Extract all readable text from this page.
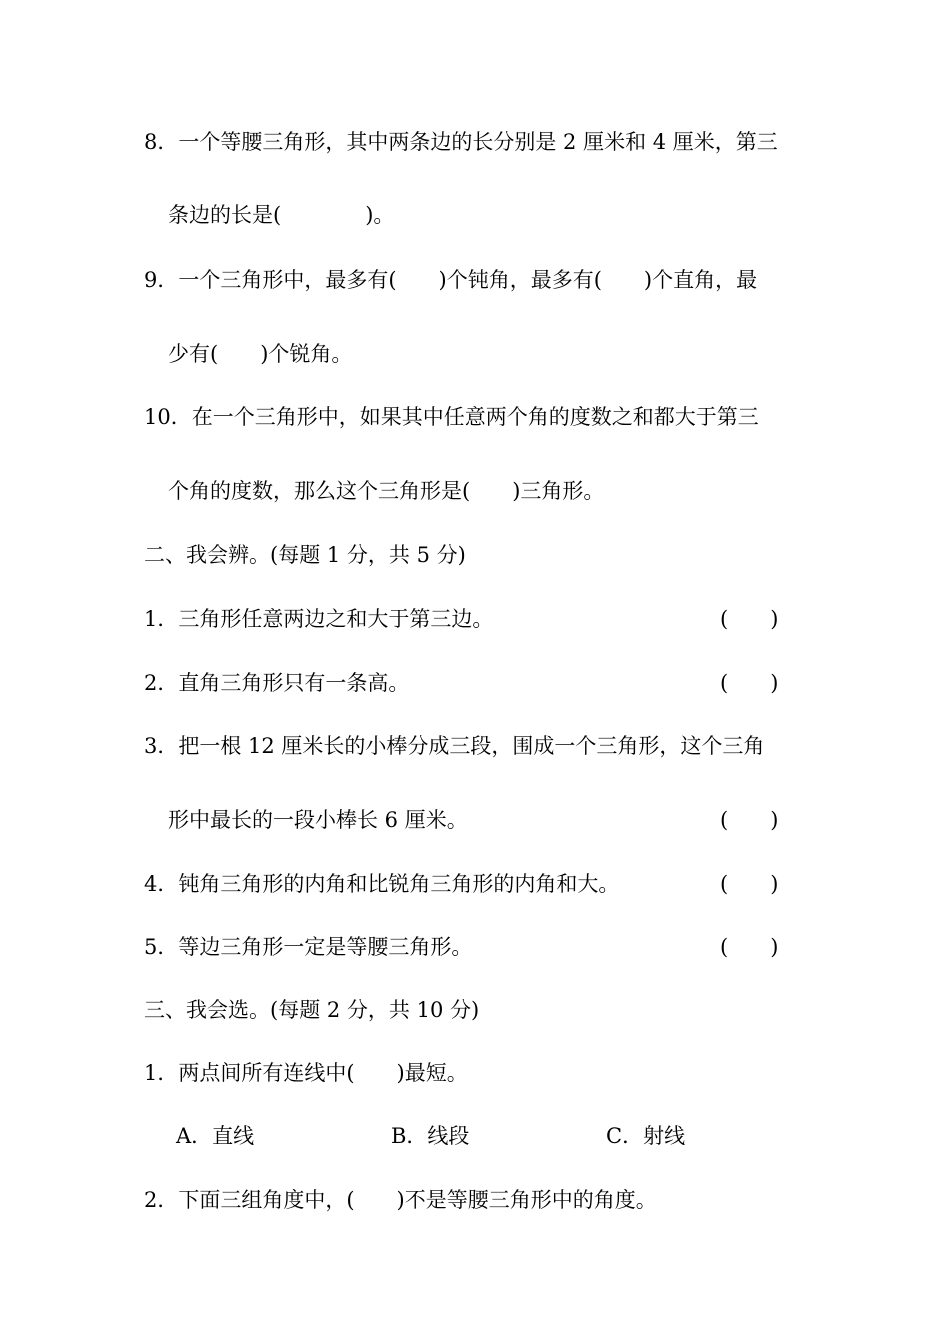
8．一个等腰三角形，其中两条边的长分别是 2 厘米和 4 厘米，第三
条边的长是(　　　　)。
9．一个三角形中，最多有(　　)个钝角，最多有(　　)个直角，最
少有(　　)个锐角。
10．在一个三角形中，如果其中任意两个角的度数之和都大于第三
个角的度数，那么这个三角形是(　　)三角形。
二、我会辨。(每题 1 分，共 5 分)
1．三角形任意两边之和大于第三边。	(　　)
2．直角三角形只有一条高。	(　　)
3．把一根 12 厘米长的小棒分成三段，围成一个三角形，这个三角
形中最长的一段小棒长 6 厘米。	(　　)
4．钝角三角形的内角和比锐角三角形的内角和大。	(　　)
5．等边三角形一定是等腰三角形。	(　　)
三、我会选。(每题 2 分，共 10 分)
1．两点间所有连线中(　　)最短。
A．直线	B．线段	C．射线
2．下面三组角度中，(　　)不是等腰三角形中的角度。
